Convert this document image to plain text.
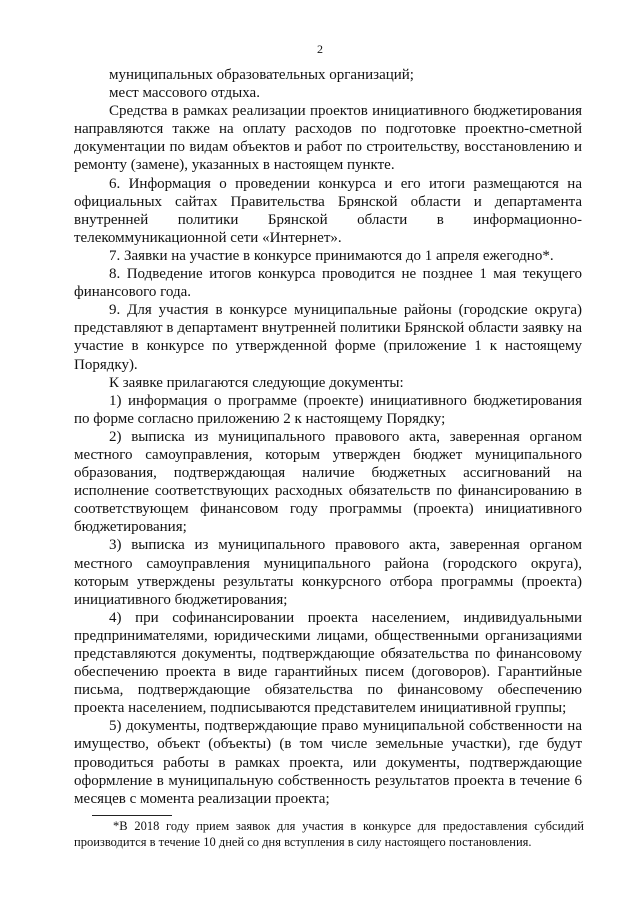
2

муниципальных образовательных организаций;

мест массового отдыха.

Средства в рамках реализации проектов инициативного бюджетирования направляются также на оплату расходов по подготовке проектно-сметной документации по видам объектов и работ по строительству, восстановлению и ремонту (замене), указанных в настоящем пункте.

6. Информация о проведении конкурса и его итоги размещаются на официальных сайтах Правительства Брянской области и департамента внутренней политики Брянской области в информационно-телекоммуникационной сети «Интернет».

7. Заявки на участие в конкурсе принимаются до 1 апреля ежегодно*.

8. Подведение итогов конкурса проводится не позднее 1 мая текущего финансового года.

9. Для участия в конкурсе муниципальные районы (городские округа) представляют в департамент внутренней политики Брянской области заявку на участие в конкурсе по утвержденной форме (приложение 1 к настоящему Порядку).

К заявке прилагаются следующие документы:

1) информация о программе (проекте) инициативного бюджетирования по форме согласно приложению 2 к настоящему Порядку;

2) выписка из муниципального правового акта, заверенная органом местного самоуправления, которым утвержден бюджет муниципального образования, подтверждающая наличие бюджетных ассигнований на исполнение соответствующих расходных обязательств по финансированию в соответствующем финансовом году программы (проекта) инициативного бюджетирования;

3) выписка из муниципального правового акта, заверенная органом местного самоуправления муниципального района (городского округа), которым утверждены результаты конкурсного отбора программы (проекта) инициативного бюджетирования;

4) при софинансировании проекта населением, индивидуальными предпринимателями, юридическими лицами, общественными организациями представляются документы, подтверждающие обязательства по финансовому обеспечению проекта в виде гарантийных писем (договоров). Гарантийные письма, подтверждающие обязательства по финансовому обеспечению проекта населением, подписываются представителем инициативной группы;

5) документы, подтверждающие право муниципальной собственности на имущество, объект (объекты) (в том числе земельные участки), где будут проводиться работы в рамках проекта, или документы, подтверждающие оформление в муниципальную собственность результатов проекта в течение 6 месяцев с момента реализации проекта;

*В 2018 году прием заявок для участия в конкурсе для предоставления субсидий производится в течение 10 дней со дня вступления в силу настоящего постановления.
